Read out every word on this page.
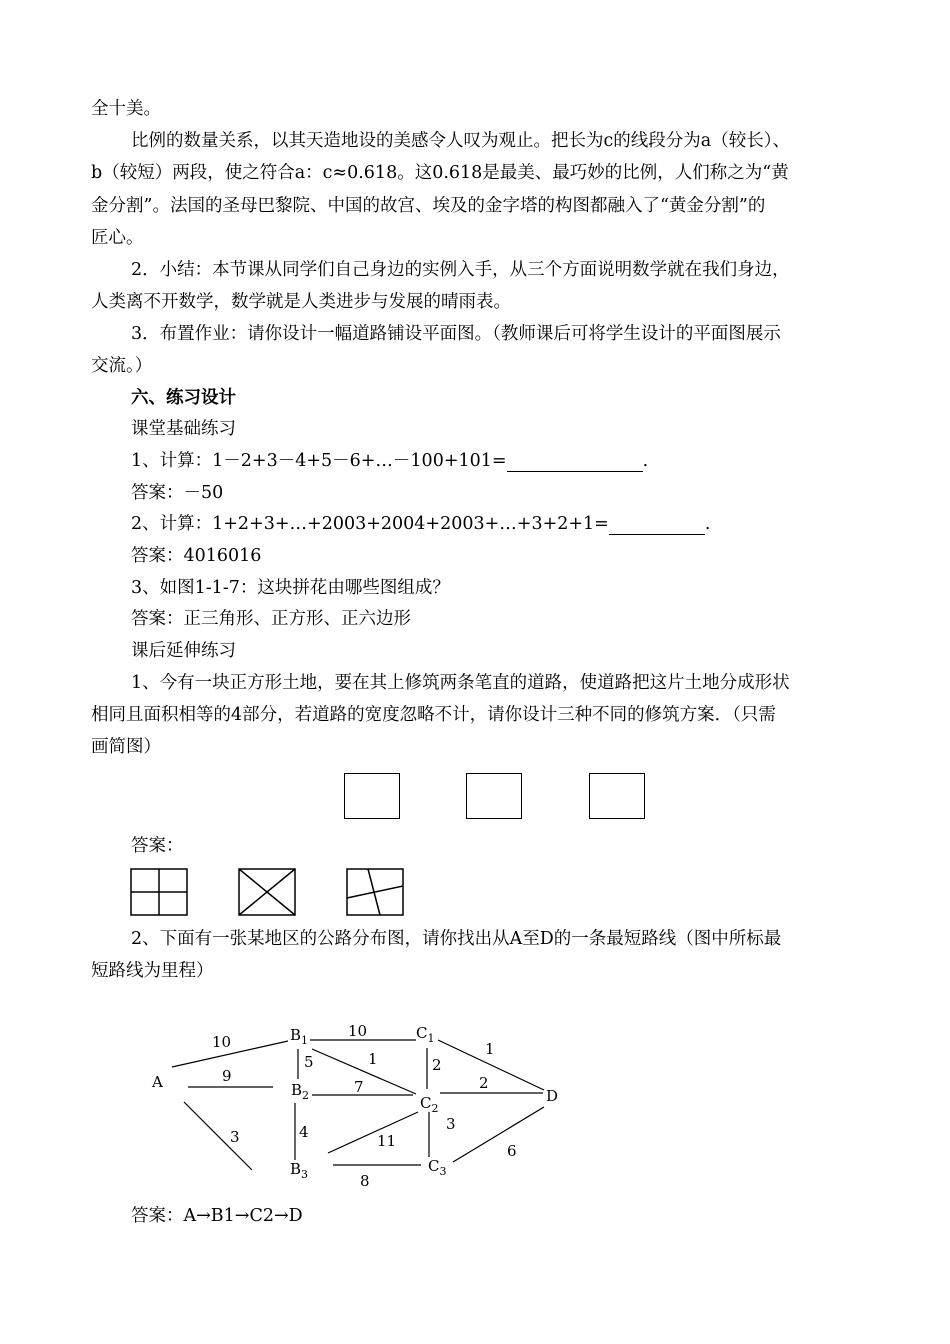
全十美。
比例的数量关系，以其天造地设的美感令人叹为观止。把长为c的线段分为a（较长）、
b（较短）两段，使之符合a：c≈0.618。这0.618是最美、最巧妙的比例，人们称之为“黄
金分割”。法国的圣母巴黎院、中国的故宫、埃及的金字塔的构图都融入了“黄金分割”的
匠心。
2．小结：本节课从同学们自己身边的实例入手，从三个方面说明数学就在我们身边，
人类离不开数学，数学就是人类进步与发展的晴雨表。
3．布置作业：请你设计一幅道路铺设平面图。（教师课后可将学生设计的平面图展示
交流。）
六、练习设计
课堂基础练习
1、计算：1－2+3－4+5－6+…－100+101=	.
答案：－50
2、计算：1+2+3+…+2003+2004+2003+…+3+2+1=	.
答案：4016016
3、如图1-1-7：这块拼花由哪些图组成？
答案：正三角形、正方形、正六边形
课后延伸练习
1、今有一块正方形土地，要在其上修筑两条笔直的道路，使道路把这片土地分成形状
相同且面积相等的4部分，若道路的宽度忽略不计，请你设计三种不同的修筑方案．（只需
画简图）
答案：
2、下面有一张某地区的公路分布图，请你找出从A至D的一条最短路线（图中所标最
短路线为里程）
A
$B_1$
$B_2$
$B_3$
$C_1$
$C_2$
$C_3$
D
10
9
3
10
5	1
7
4
2
1
2
3
11
8
6
答案：A→B1→C2→D
